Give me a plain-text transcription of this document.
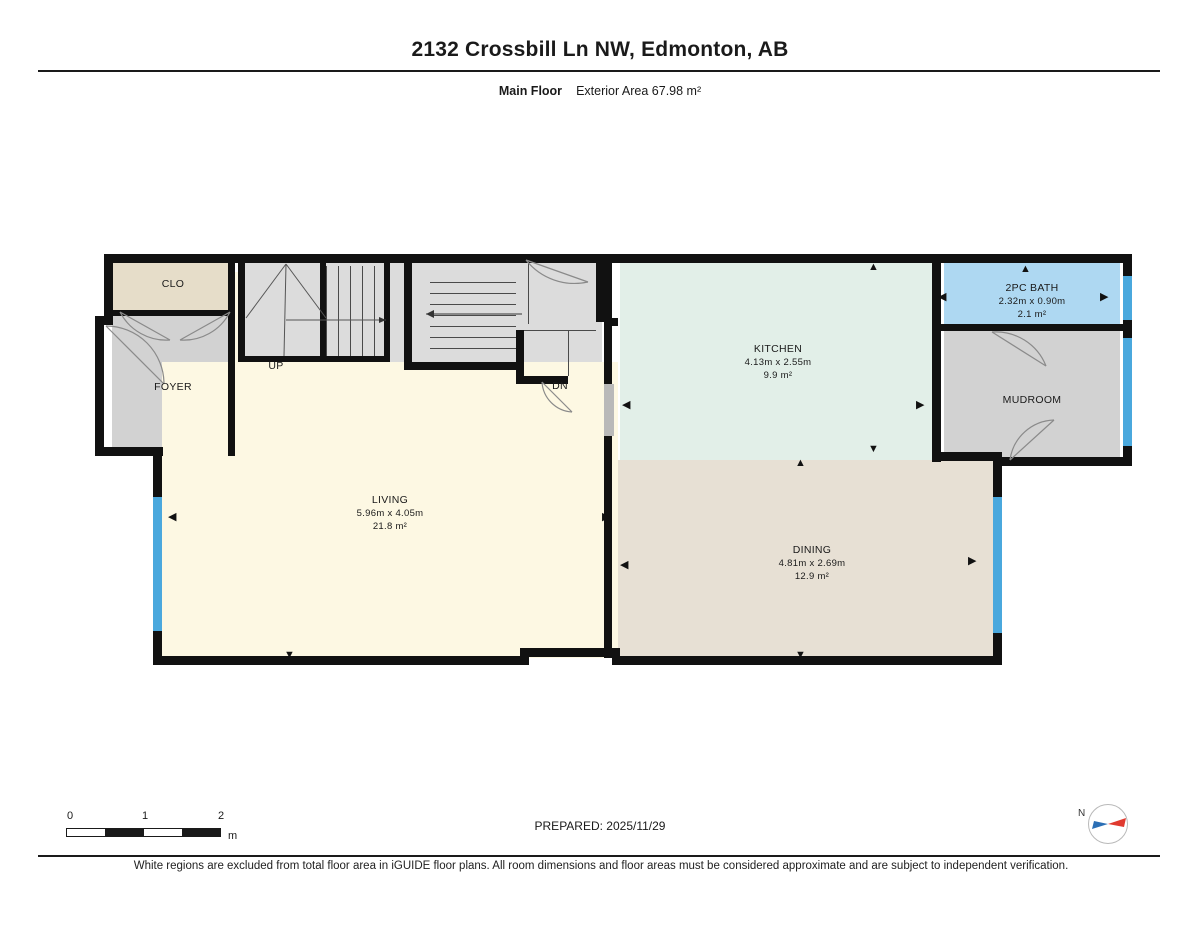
2132 Crossbill Ln NW, Edmonton, AB
Main Floor Exterior Area 67.98 m²
◀
▼
▶
◀
▲
▼
▶
◀	▶
▲
▼
▲
◀	▶
UP
DN
CLO
FOYER
LIVING
5.96m x 4.05m
21.8 m²
KITCHEN
4.13m x 2.55m
9.9 m²
2PC BATH
2.32m x 0.90m
2.1 m²
MUDROOM
DINING
4.81m x 2.69m
12.9 m²
0	1	2
m
N
PREPARED: 2025/11/29
White regions are excluded from total floor area in iGUIDE floor plans. All room dimensions and floor areas must be considered approximate and are subject to independent verification.
